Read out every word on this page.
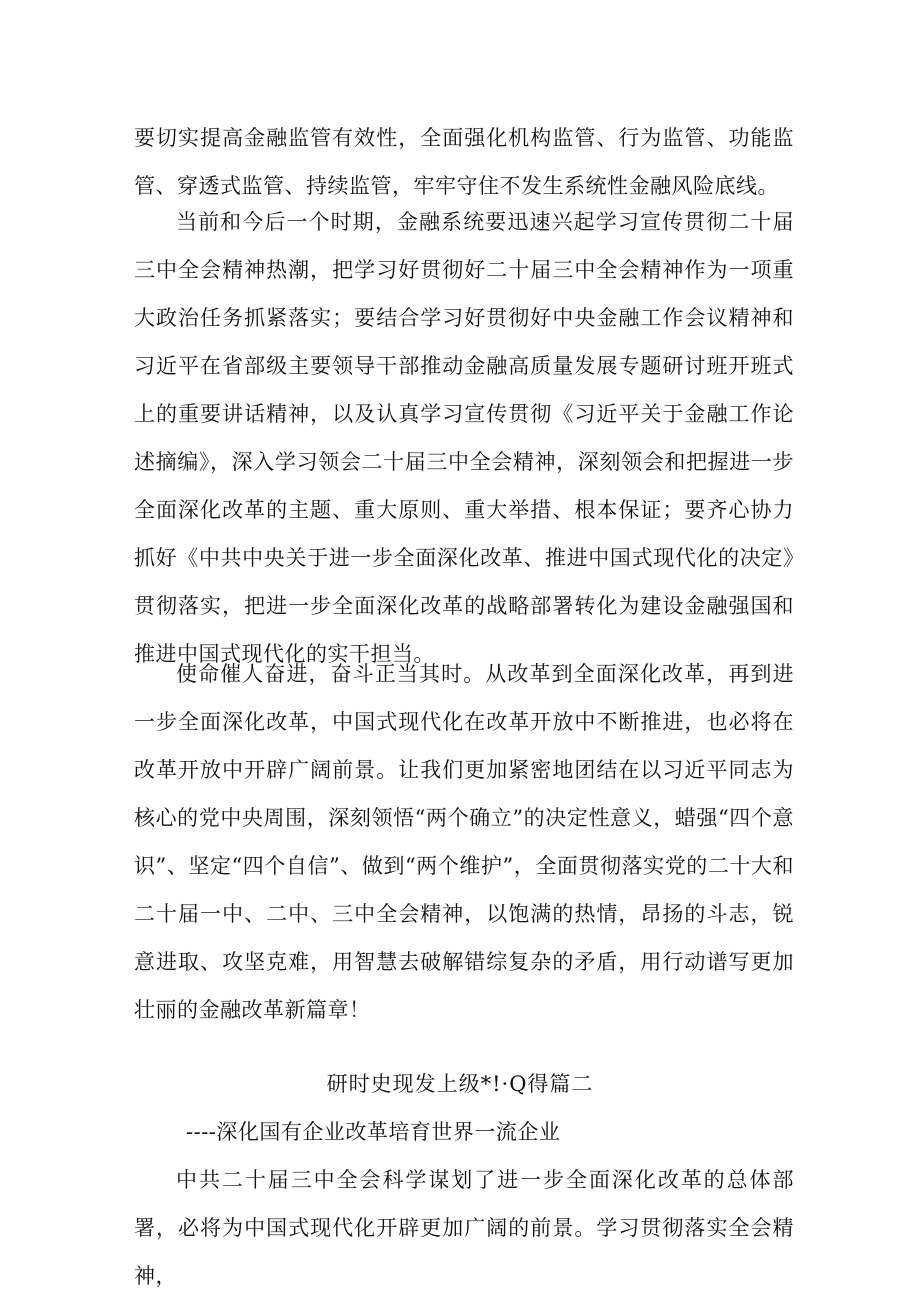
要切实提高金融监管有效性，全面强化机构监管、行为监管、功能监管、穿透式监管、持续监管，牢牢守住不发生系统性金融风险底线。

当前和今后一个时期，金融系统要迅速兴起学习宣传贯彻二十届三中全会精神热潮，把学习好贯彻好二十届三中全会精神作为一项重大政治任务抓紧落实；要结合学习好贯彻好中央金融工作会议精神和习近平在省部级主要领导干部推动金融高质量发展专题研讨班开班式上的重要讲话精神，以及认真学习宣传贯彻《习近平关于金融工作论述摘编》，深入学习领会二十届三中全会精神，深刻领会和把握进一步全面深化改革的主题、重大原则、重大举措、根本保证；要齐心协力抓好《中共中央关于进一步全面深化改革、推进中国式现代化的决定》贯彻落实，把进一步全面深化改革的战略部署转化为建设金融强国和推进中国式现代化的实干担当。

使命催人奋进，奋斗正当其时。从改革到全面深化改革，再到进一步全面深化改革，中国式现代化在改革开放中不断推进，也必将在改革开放中开辟广阔前景。让我们更加紧密地团结在以习近平同志为核心的党中央周围，深刻领悟“两个确立”的决定性意义，蜡强“四个意识”、坚定“四个自信”、做到“两个维护”，全面贯彻落实党的二十大和二十届一中、二中、三中全会精神，以饱满的热情，昂扬的斗志，锐意进取、攻坚克难，用智慧去破解错综复杂的矛盾，用行动谱写更加壮丽的金融改革新篇章！

研时史现发上级*!·Q得篇二
----深化国有企业改革培育世界一流企业

中共二十届三中全会科学谋划了进一步全面深化改革的总体部署，必将为中国式现代化开辟更加广阔的前景。学习贯彻落实全会精神，
